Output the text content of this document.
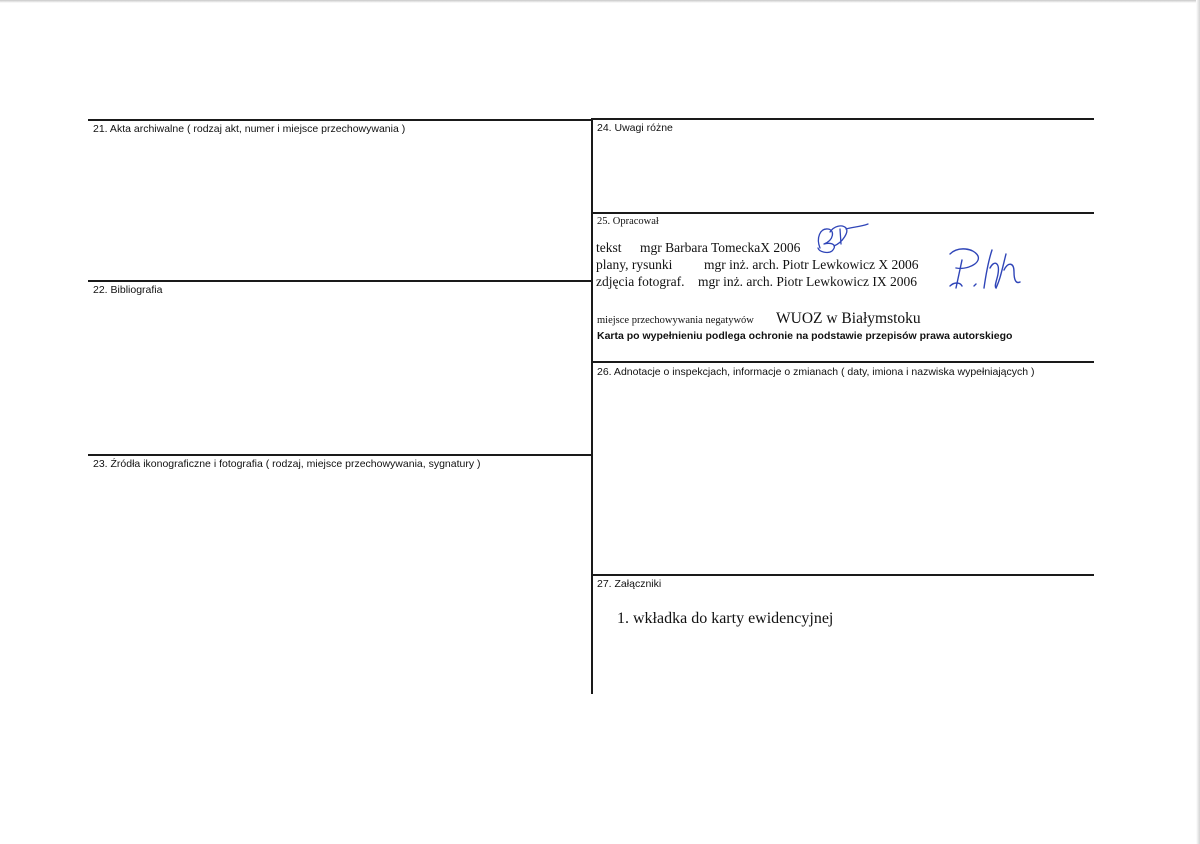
21. Akta archiwalne ( rodzaj akt, numer i miejsce przechowywania )
22. Bibliografia
23. Źródła ikonograficzne i fotografia ( rodzaj, miejsce przechowywania, sygnatury )
24. Uwagi różne
25. Opracował
tekst mgr Barbara TomeckaX 2006
plany, rysunki mgr inż. arch. Piotr Lewkowicz X 2006
zdjęcia fotograf. mgr inż. arch. Piotr Lewkowicz IX 2006
miejsce przechowywania negatywów WUOZ w Białymstoku
Karta po wypełnieniu podlega ochronie na podstawie przepisów prawa autorskiego
26. Adnotacje o inspekcjach, informacje o zmianach ( daty, imiona i nazwiska wypełniających )
27. Załączniki
1. wkładka do karty ewidencyjnej
